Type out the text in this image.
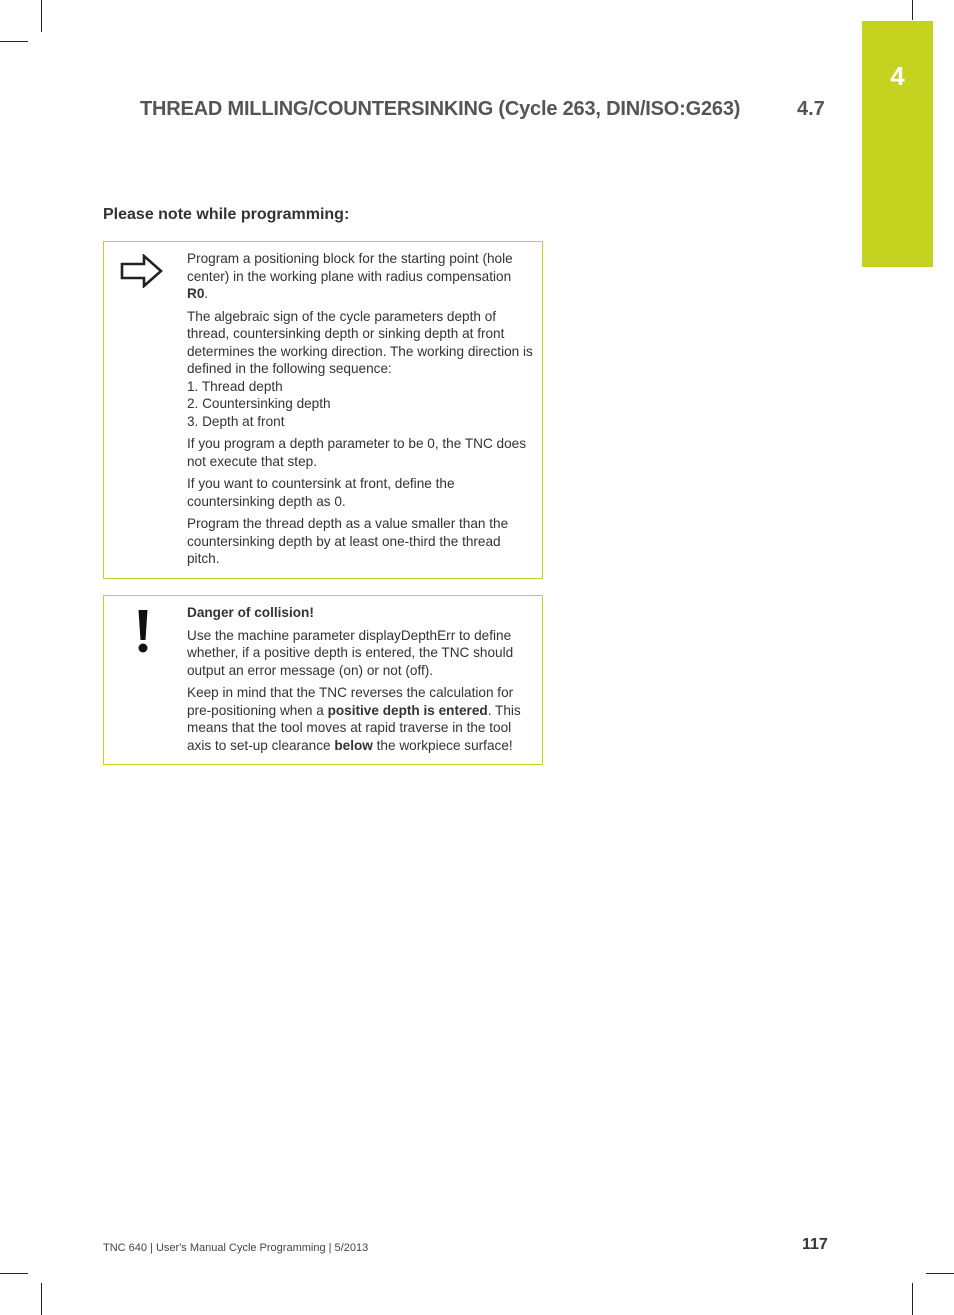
4
THREAD MILLING/COUNTERSINKING (Cycle 263, DIN/ISO:G263)	4.7
Please note while programming:

Program a positioning block for the starting point (hole center) in the working plane with radius compensation R0.

The algebraic sign of the cycle parameters depth of thread, countersinking depth or sinking depth at front determines the working direction. The working direction is defined in the following sequence:
1. Thread depth
2. Countersinking depth
3. Depth at front

If you program a depth parameter to be 0, the TNC does not execute that step.

If you want to countersink at front, define the countersinking depth as 0.

Program the thread depth as a value smaller than the countersinking depth by at least one-third the thread pitch.

Danger of collision!

Use the machine parameter displayDepthErr to define whether, if a positive depth is entered, the TNC should output an error message (on) or not (off).

Keep in mind that the TNC reverses the calculation for pre-positioning when a positive depth is entered. This means that the tool moves at rapid traverse in the tool axis to set-up clearance below the workpiece surface!

TNC 640 | User's Manual Cycle Programming | 5/2013	117
